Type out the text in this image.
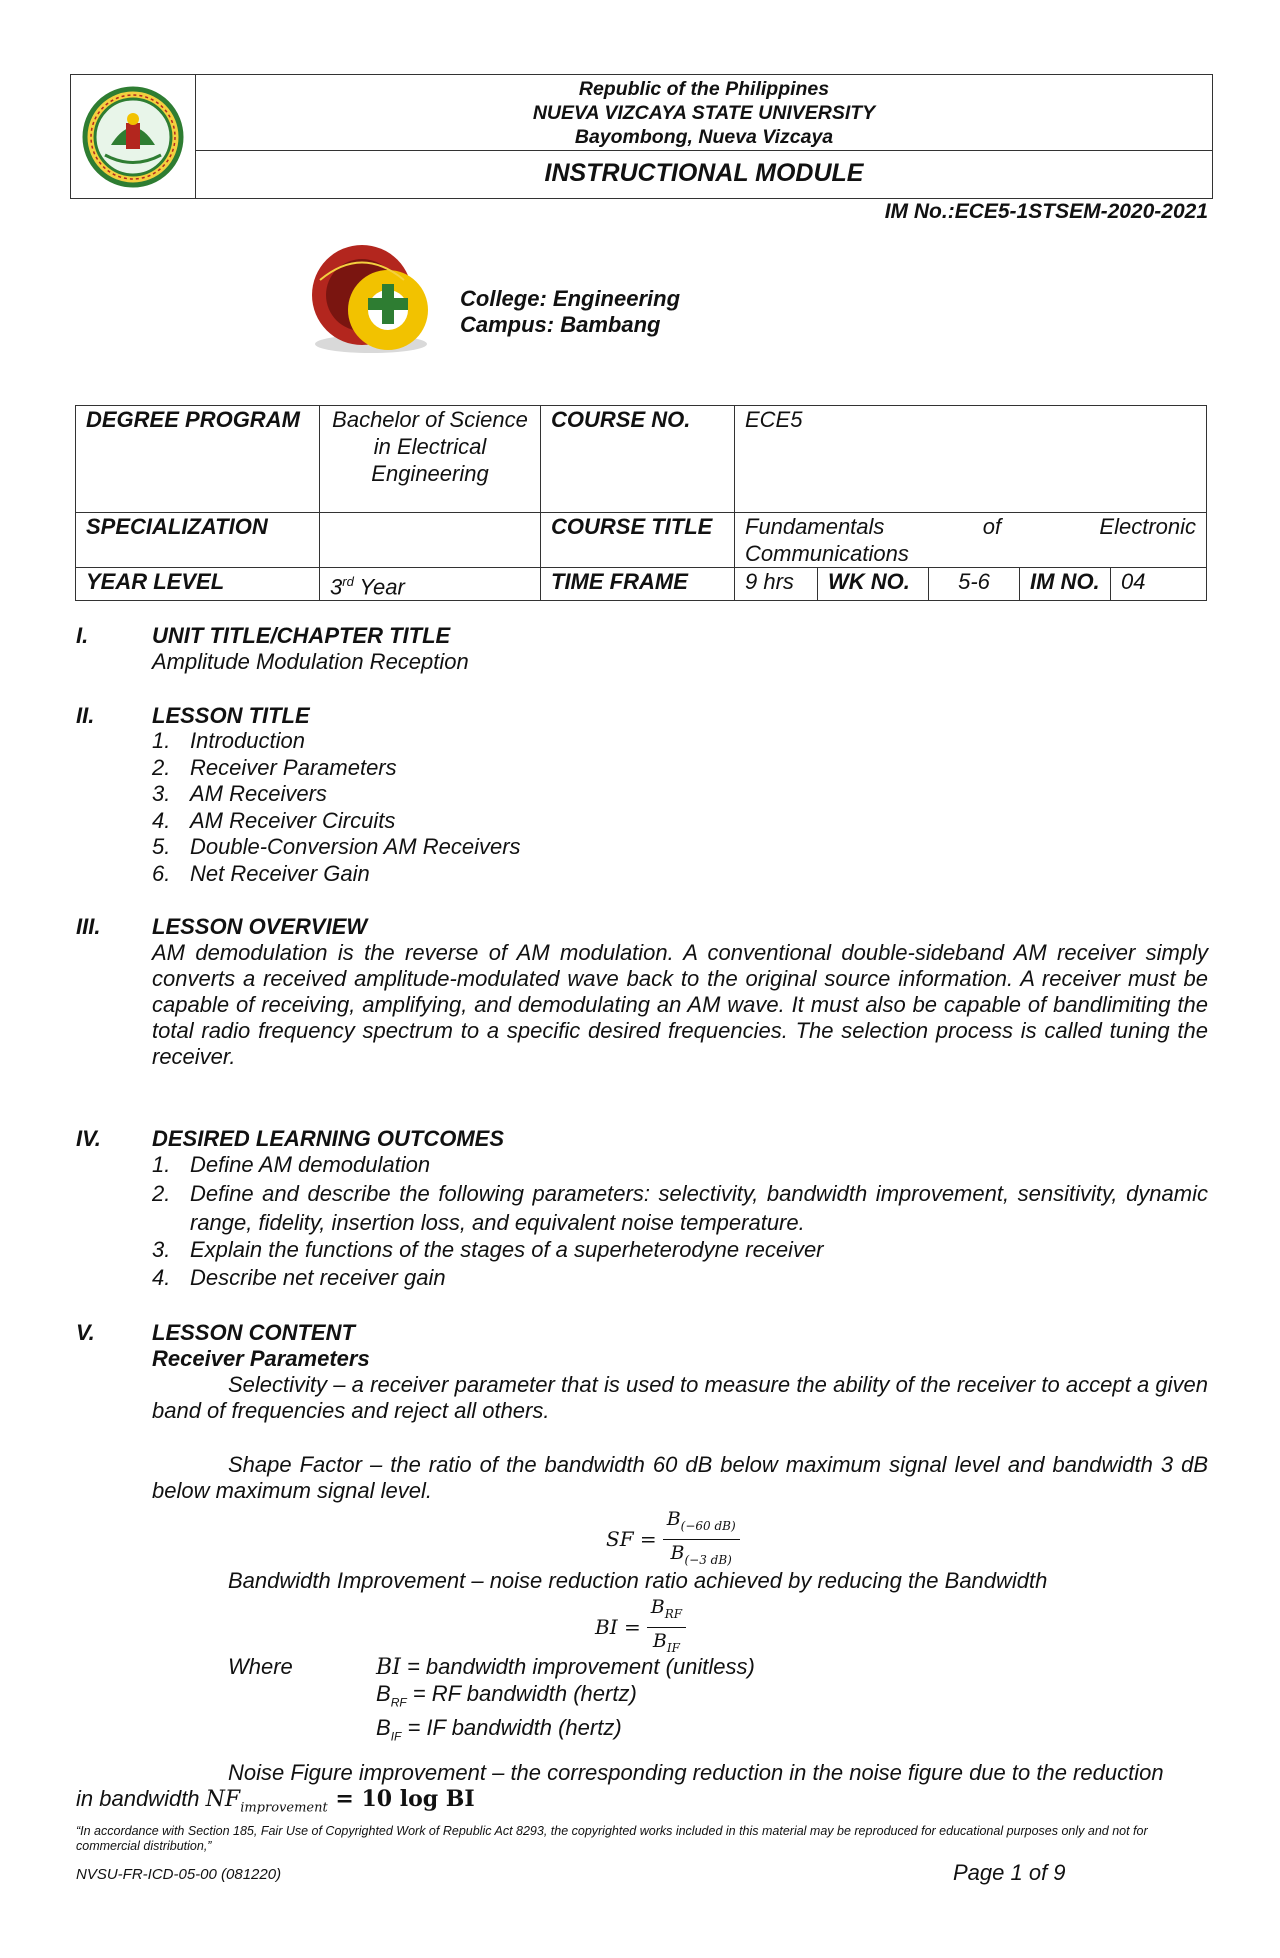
Republic of the Philippines
NUEVA VIZCAYA STATE UNIVERSITY
Bayombong, Nueva Vizcaya
INSTRUCTIONAL MODULE
IM No.:ECE5-1STSEM-2020-2021
College: Engineering
Campus: Bambang
DEGREE PROGRAM	Bachelor of Science in Electrical Engineering	COURSE NO.	ECE5				
SPECIALIZATION		COURSE TITLE	Fundamentals of Electronic
Communications				

YEAR LEVEL	3rd Year	TIME FRAME	9 hrs	WK NO.	5-6	IM NO.	04
I.	UNIT TITLE/CHAPTER TITLE
Amplitude Modulation Reception
II.	LESSON TITLE
1. Introduction
2. Receiver Parameters
3. AM Receivers
4. AM Receiver Circuits
5. Double-Conversion AM Receivers
6. Net Receiver Gain
III. LESSON OVERVIEW
AM demodulation is the reverse of AM modulation. A conventional double-sideband AM receiver simply converts a received amplitude-modulated wave back to the original source information. A receiver must be capable of receiving, amplifying, and demodulating an AM wave. It must also be capable of bandlimiting the total radio frequency spectrum to a specific desired frequencies. The selection process is called tuning the receiver.
IV. DESIRED LEARNING OUTCOMES
1. Define AM demodulation
2. Define and describe the following parameters: selectivity, bandwidth improvement, sensitivity, dynamic range, fidelity, insertion loss, and equivalent noise temperature.
3. Explain the functions of the stages of a superheterodyne receiver
4. Describe net receiver gain
V.	LESSON CONTENT
Receiver Parameters
Selectivity – a receiver parameter that is used to measure the ability of the receiver to accept a given band of frequencies and reject all others.
Shape Factor – the ratio of the bandwidth 60 dB below maximum signal level and bandwidth 3 dB below maximum signal level.
SF = $\frac{B_{(-60 dB)}}{B_{(-3 dB)}}$
Bandwidth Improvement – noise reduction ratio achieved by reducing the Bandwidth
BI = $\frac{B_{RF}}{B_{IF}}$
Where	BI = bandwidth improvement (unitless)
$B_{RF}$ = RF bandwidth (hertz)
$B_{IF}$ = IF bandwidth (hertz)
Noise Figure improvement – the corresponding reduction in the noise figure due to the reduction
in bandwidth $NF_{improvement} = 10$ log BI
“In accordance with Section 185, Fair Use of Copyrighted Work of Republic Act 8293, the copyrighted works included in this material may be reproduced for educational purposes only and not for commercial distribution,”
NVSU-FR-ICD-05-00 (081220)	Page 1 of 9
